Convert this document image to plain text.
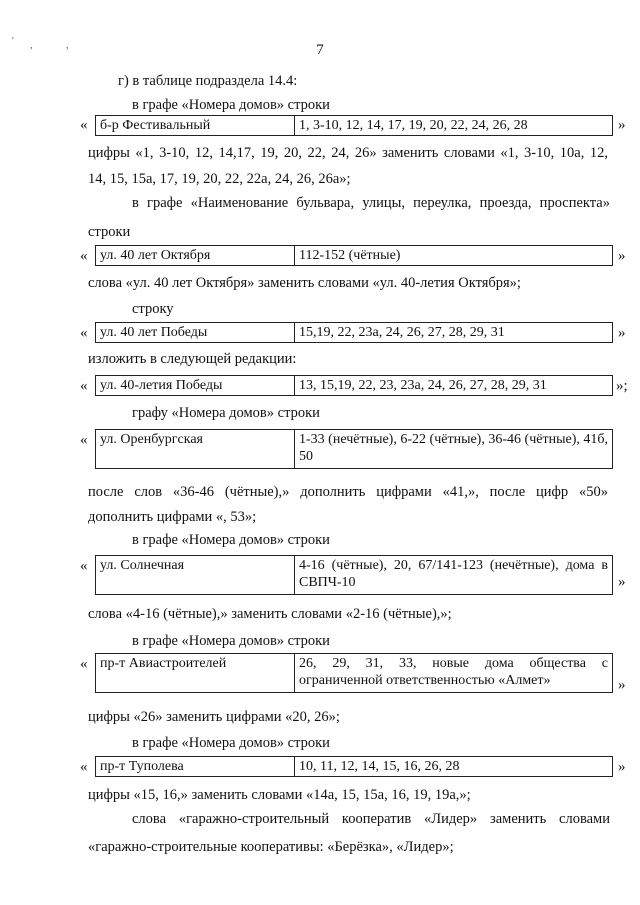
' ,	,	7
г) в таблице подраздела 14.4:
в графе «Номера домов» строки
« б-р Фестивальный	1, 3-10, 12, 14, 17, 19, 20, 22, 24, 26, 28	»
цифры «1, 3-10, 12, 14,17, 19, 20, 22, 24, 26» заменить словами «1, 3-10, 10а, 12,
14, 15, 15а, 17, 19, 20, 22, 22а, 24, 26, 26а»;
в графе «Наименование бульвара, улицы, переулка, проезда, проспекта»
строки
« ул. 40 лет Октября	112-152 (чётные)	»
слова «ул. 40 лет Октября» заменить словами «ул. 40-летия Октября»;
строку
« ул. 40 лет Победы	15,19, 22, 23а, 24, 26, 27, 28, 29, 31	»
изложить в следующей редакции:
« ул. 40-летия Победы	13, 15,19, 22, 23, 23а, 24, 26, 27, 28, 29, 31	»;
графу «Номера домов» строки
« ул. Оренбургская	1-33 (нечётные), 6-22 (чётные), 36-46 (чётные), 41б, 50
после слов «36-46 (чётные),» дополнить цифрами «41,», после цифр «50»
дополнить цифрами «, 53»;
в графе «Номера домов» строки
« ул. Солнечная	4-16 (чётные), 20, 67/141-123 (нечётные), дома в СВПЧ-10	»
слова «4-16 (чётные),» заменить словами «2-16 (чётные),»;
в графе «Номера домов» строки
« пр-т Авиастроителей	26, 29, 31, 33, новые дома общества с ограниченной ответственностью «Алмет»	»
цифры «26» заменить цифрами «20, 26»;
в графе «Номера домов» строки
« пр-т Туполева	10, 11, 12, 14, 15, 16, 26, 28	»
цифры «15, 16,» заменить словами «14а, 15, 15а, 16, 19, 19а,»;
слова «гаражно-строительный кооператив «Лидер» заменить словами
«гаражно-строительные кооперативы: «Берёзка», «Лидер»;
